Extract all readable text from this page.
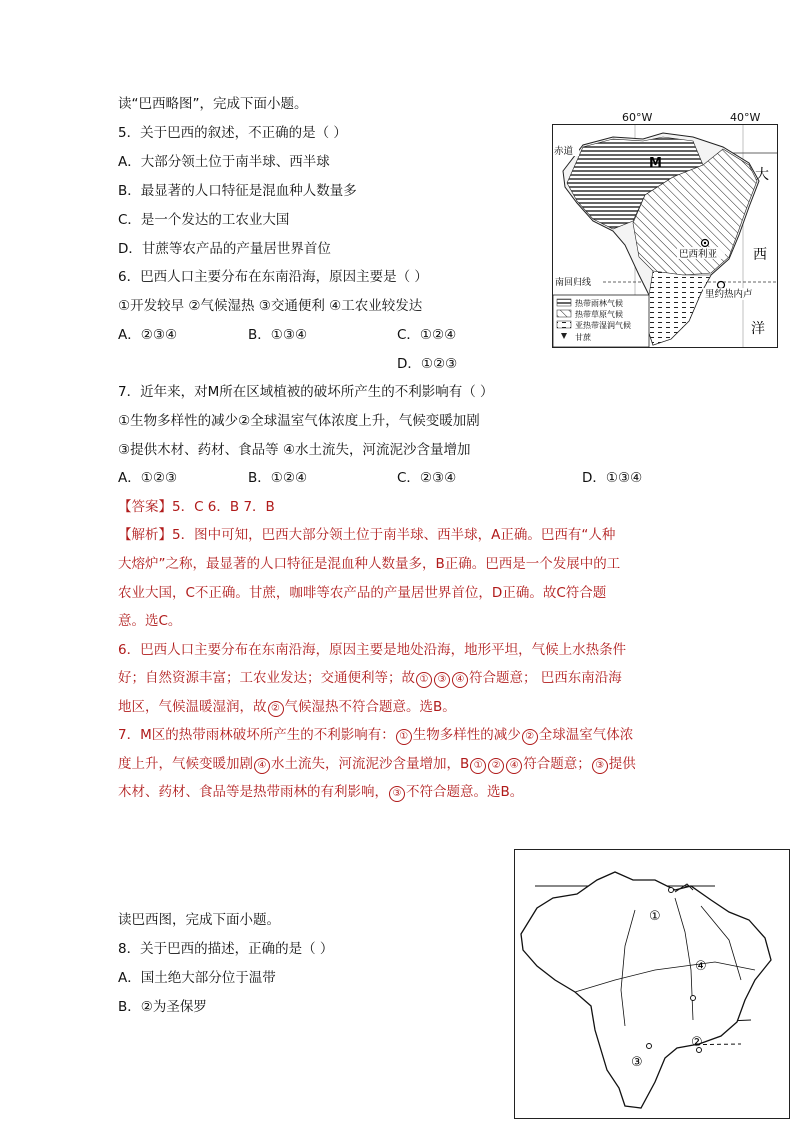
读“巴西略图”，完成下面小题。
5．关于巴西的叙述，不正确的是（ ）
A．大部分领土位于南半球、西半球
B．最显著的人口特征是混血种人数量多
C．是一个发达的工农业大国
D．甘蔗等农产品的产量居世界首位
6．巴西人口主要分布在东南沿海，原因主要是（ ）
①开发较早 ②气候湿热 ③交通便利 ④工农业较发达
A．②③④	B．①③④	C．①②④
D．①②③
7．近年来，对M所在区域植被的破坏所产生的不利影响有（ ）
①生物多样性的减少②全球温室气体浓度上升，气候变暖加剧
③提供木材、药材、食品等 ④水土流失，河流泥沙含量增加
A．①②③	B．①②④	C．②③④	D．①③④
【答案】5．C 6．B 7．B
【解析】5．图中可知，巴西大部分领土位于南半球、西半球，A正确。巴西有“人种
大熔炉”之称，最显著的人口特征是混血种人数量多，B正确。巴西是一个发展中的工
农业大国，C不正确。甘蔗，咖啡等农产品的产量居世界首位，D正确。故C符合题
意。选C。
6．巴西人口主要分布在东南沿海，原因主要是地处沿海，地形平坦，气候上水热条件
好；自然资源丰富；工农业发达；交通便利等；故 ① ③ ④ 符合题意； 巴西东南沿海
地区，气候温暖湿润，故 ② 气候湿热不符合题意。选B。
7．M区的热带雨林破坏所产生的不利影响有： ① 生物多样性的减少 ② 全球温室气体浓
度上升，气候变暖加剧 ④ 水土流失，河流泥沙含量增加，B ① ② ④ 符合题意； ③ 提供
木材、药材、食品等是热带雨林的有利影响， ③ 不符合题意。选B。
M
巴西利亚
里约热内卢
赤道
南回归线
大
西
洋
热带雨林气候
热带草原气候
亚热带湿润气候
甘蔗
60°W	40°W
读巴西图，完成下面小题。
8．关于巴西的描述，正确的是（ ）
A．国土绝大部分位于温带
B．②为圣保罗
①
④
②
③
